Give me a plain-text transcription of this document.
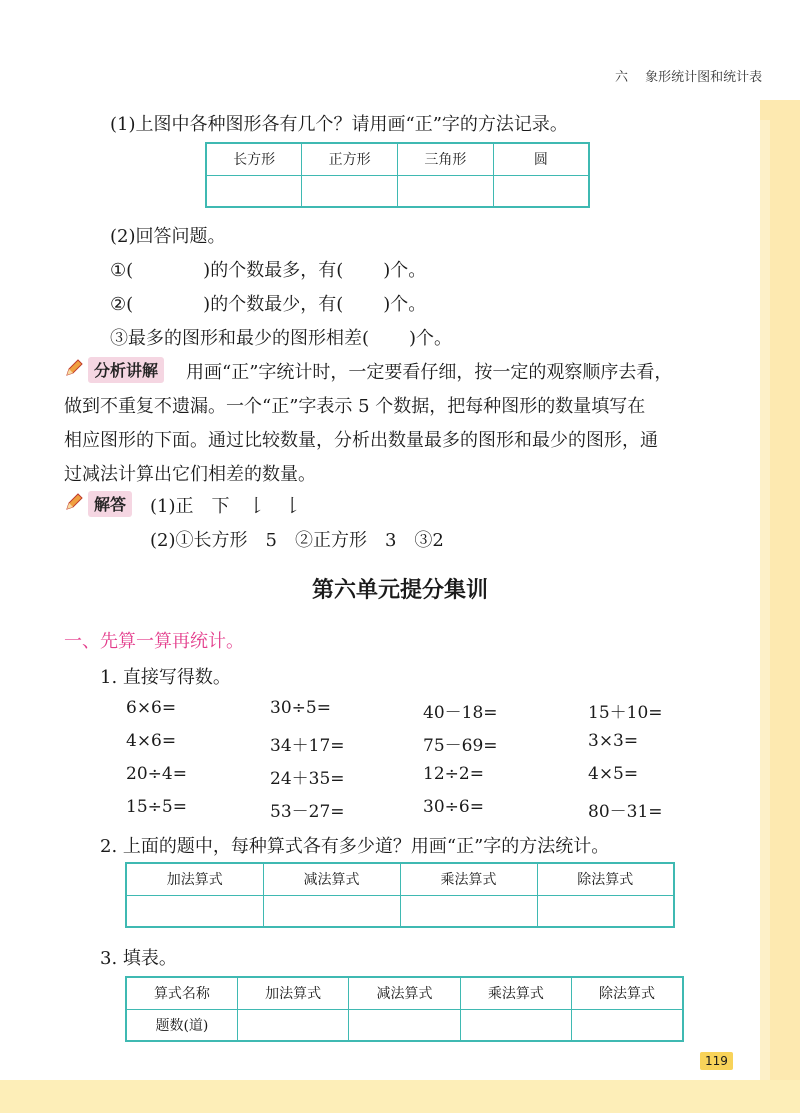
六　 象形统计图和统计表
(1)上图中各种图形各有几个？请用画“正”字的方法记录。
长方形	正方形	三角形	圆

(2)回答问题。
①(	)的个数最多，有( )个。
②(	)的个数最少，有( )个。
③最多的图形和最少的图形相差( )个。
分析讲解	用画“正”字统计时，一定要看仔细，按一定的观察顺序去看，
做到不重复不遗漏。一个“正”字表示 5 个数据，把每种图形的数量填写在
相应图形的下面。通过比较数量，分析出数量最多的图形和最少的图形，通
过减法计算出它们相差的数量。
解答	(1)正　下　𠄌　𠄌
(2)①长方形　5　②正方形　3　③2
第六单元提分集训
一、先算一算再统计。
1. 直接写得数。
6×6=	30÷5=	40－18=	15＋10=
4×6=	34＋17=	75－69=	3×3=
20÷4=	24＋35=	12÷2=	4×5=
15÷5=	53－27=	30÷6=	80－31=
2. 上面的题中，每种算式各有多少道？用画“正”字的方法统计。
加法算式	减法算式	乘法算式	除法算式

3. 填表。
算式名称	加法算式	减法算式	乘法算式	除法算式
题数(道)				
119
